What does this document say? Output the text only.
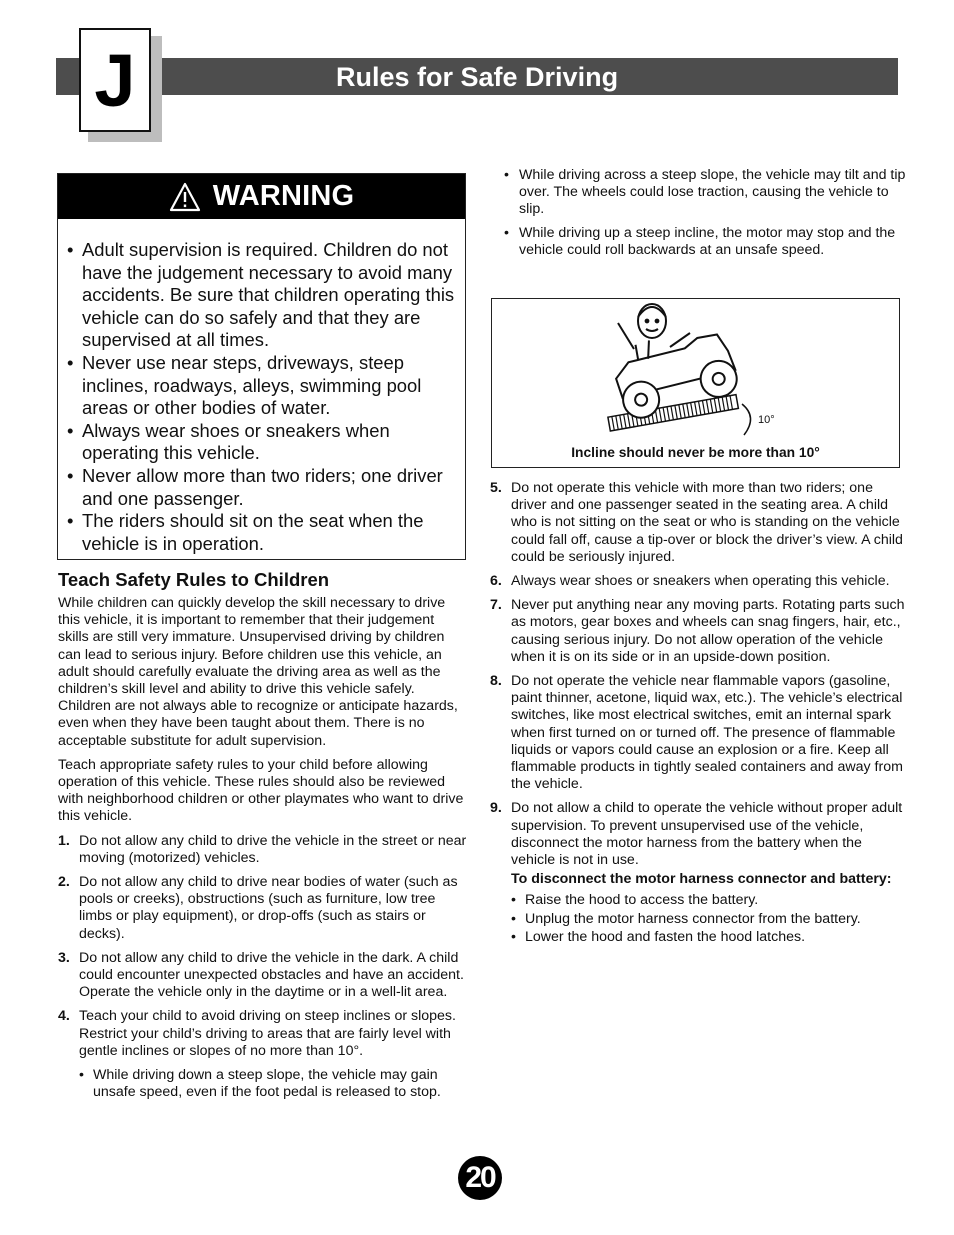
J	Rules for Safe Driving
WARNING
• Adult supervision is required. Children do not have the judgement necessary to avoid many accidents. Be sure that children operating this vehicle can do so safely and that they are supervised at all times.
• Never use near steps, driveways, steep inclines, roadways, alleys, swimming pool areas or other bodies of water.
• Always wear shoes or sneakers when operating this vehicle.
• Never allow more than two riders; one driver and one passenger.
• The riders should sit on the seat when the vehicle is in operation.
Teach Safety Rules to Children

While children can quickly develop the skill necessary to drive this vehicle, it is important to remember that their judgement skills are still very immature. Unsupervised driving by children can lead to serious injury. Before children use this vehicle, an adult should carefully evaluate the driving area as well as the children’s skill level and ability to drive this vehicle safely. Children are not always able to recognize or anticipate hazards, even when they have been taught about them. There is no acceptable substitute for adult supervision.

Teach appropriate safety rules to your child before allowing operation of this vehicle. These rules should also be reviewed with neighborhood children or other playmates who want to drive this vehicle.

1. Do not allow any child to drive the vehicle in the street or near moving (motorized) vehicles.
2. Do not allow any child to drive near bodies of water (such as pools or creeks), obstructions (such as furniture, low tree limbs or play equipment), or drop-offs (such as stairs or decks).
3. Do not allow any child to drive the vehicle in the dark. A child could encounter unexpected obstacles and have an accident. Operate the vehicle only in the daytime or in a well-lit area.
4. Teach your child to avoid driving on steep inclines or slopes. Restrict your child’s driving to areas that are fairly level with gentle inclines or slopes of no more than 10°.
• While driving down a steep slope, the vehicle may gain unsafe speed, even if the foot pedal is released to stop.
• While driving across a steep slope, the vehicle may tilt and tip over. The wheels could lose traction, causing the vehicle to slip.
• While driving up a steep incline, the motor may stop and the vehicle could roll backwards at an unsafe speed.
10°
Incline should never be more than 10°
5. Do not operate this vehicle with more than two riders; one driver and one passenger seated in the seating area. A child who is not sitting on the seat or who is standing on the vehicle could fall off, cause a tip-over or block the driver’s view. A child could be seriously injured.
6. Always wear shoes or sneakers when operating this vehicle.
7. Never put anything near any moving parts. Rotating parts such as motors, gear boxes and wheels can snag fingers, hair, etc., causing serious injury. Do not allow operation of the vehicle when it is on its side or in an upside-down position.
8. Do not operate the vehicle near flammable vapors (gasoline, paint thinner, acetone, liquid wax, etc.). The vehicle’s electrical switches, like most electrical switches, emit an internal spark when first turned on or turned off. The presence of flammable liquids or vapors could cause an explosion or a fire. Keep all flammable products in tightly sealed containers and away from the vehicle.
9. Do not allow a child to operate the vehicle without proper adult supervision. To prevent unsupervised use of the vehicle, disconnect the motor harness from the battery when the vehicle is not in use.
To disconnect the motor harness connector and battery:
• Raise the hood to access the battery.
• Unplug the motor harness connector from the battery.
• Lower the hood and fasten the hood latches.
20
